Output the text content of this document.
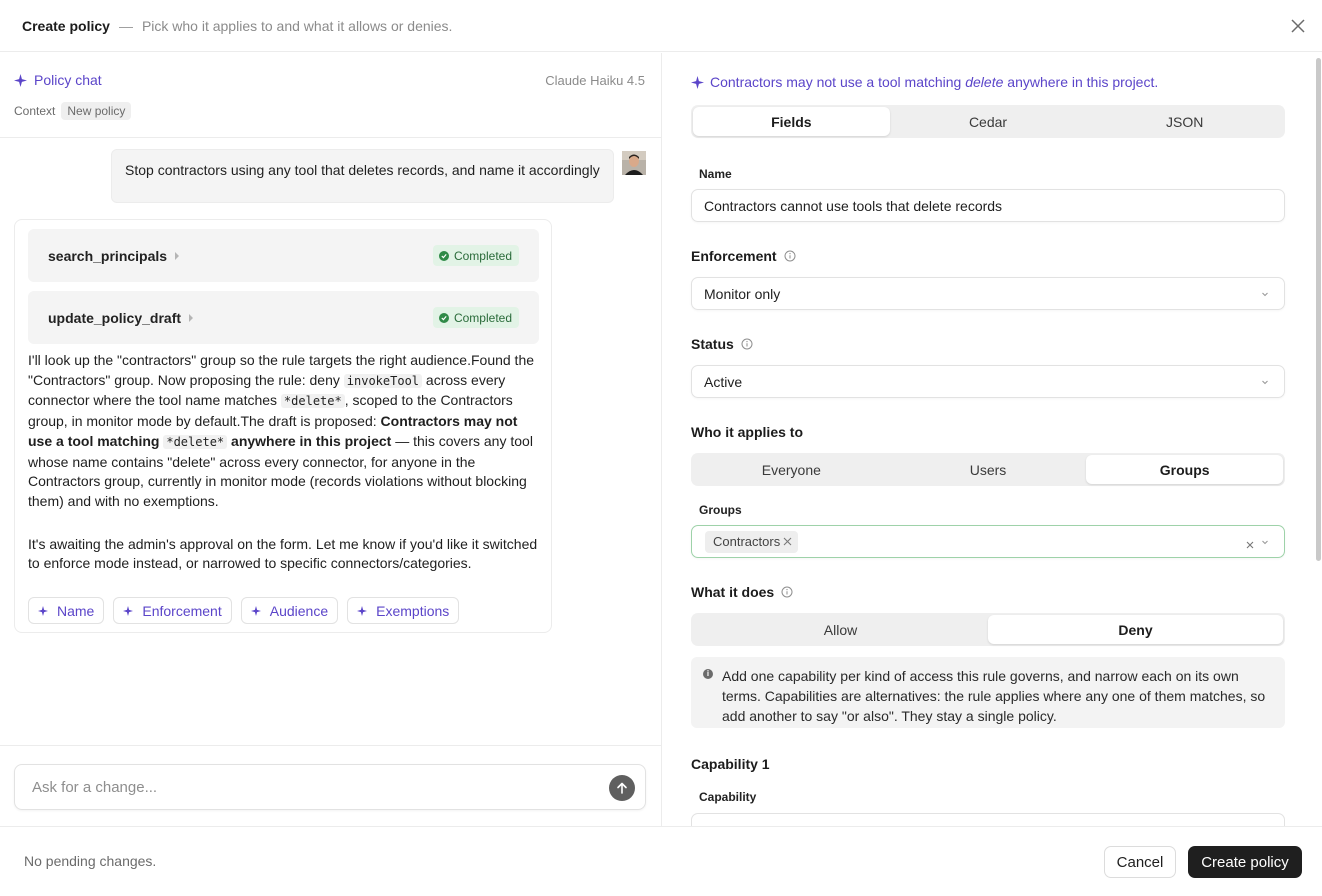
Create policy — Pick who it applies to and what it allows or denies.
Policy chat	Claude Haiku 4.5
Context	New policy
Stop contractors using any tool that deletes records, and name it accordingly
search_principals	Completed
update_policy_draft	Completed

I'll look up the "contractors" group so the rule targets the right audience.Found the "Contractors" group. Now proposing the rule: deny invokeTool across every connector where the tool name matches *delete* , scoped to the Contractors group, in monitor mode by default.The draft is proposed: Contractors may not use a tool matching *delete* anywhere in this project — this covers any tool whose name contains "delete" across every connector, for anyone in the Contractors group, currently in monitor mode (records violations without blocking them) and with no exemptions.

It's awaiting the admin's approval on the form. Let me know if you'd like it switched to enforce mode instead, or narrowed to specific connectors/categories.

Name	Enforcement	Audience	Exemptions
Ask for a change...
Contractors may not use a tool matching delete anywhere in this project.
Fields	Cedar	JSON
Name
Contractors cannot use tools that delete records
Enforcement
Monitor only
Status
Active
Who it applies to
Everyone	Users	Groups
Groups
Contractors
What it does
Allow	Deny
i Add one capability per kind of access this rule governs, and narrow each on its own terms. Capabilities are alternatives: the rule applies where any one of them matches, so add another to say "or also". They stay a single policy.
Capability 1
Capability
No pending changes.	Cancel	Create policy
